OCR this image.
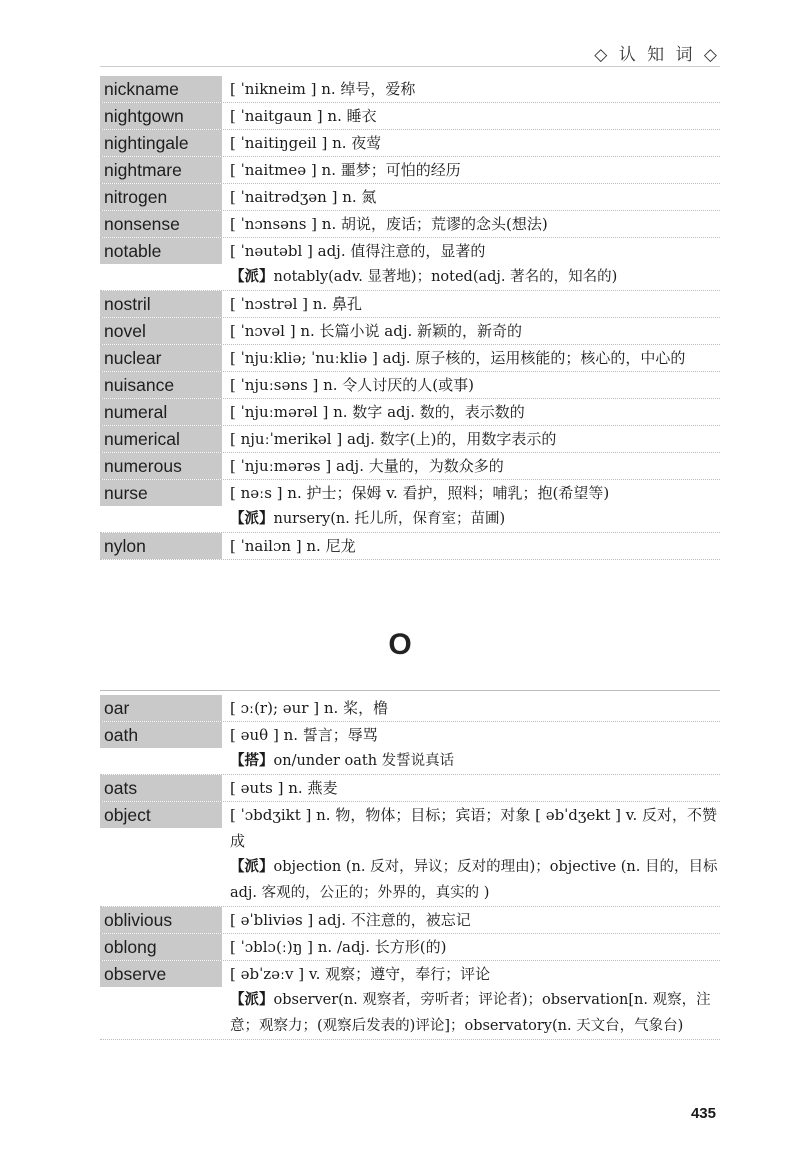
◇ 认 知 词 ◇
nickname	[ ˈnikneim ] n. 绰号，爱称
nightgown	[ ˈnaitgaun ] n. 睡衣
nightingale	[ ˈnaitiŋgeil ] n. 夜莺
nightmare	[ ˈnaitmeə ] n. 噩梦；可怕的经历
nitrogen	[ ˈnaitrədʒən ] n. 氮
nonsense	[ ˈnɔnsəns ] n. 胡说，废话；荒谬的念头(想法)
notable	[ ˈnəutəbl ] adj. 值得注意的，显著的
【派】notably(adv. 显著地)；noted(adj. 著名的，知名的)
nostril	[ ˈnɔstrəl ] n. 鼻孔
novel	[ ˈnɔvəl ] n. 长篇小说 adj. 新颖的，新奇的
nuclear	[ ˈnjuːkliə; ˈnuːkliə ] adj. 原子核的，运用核能的；核心的，中心的
nuisance	[ ˈnjuːsəns ] n. 令人讨厌的人(或事)
numeral	[ ˈnjuːmərəl ] n. 数字 adj. 数的，表示数的
numerical	[ njuːˈmerikəl ] adj. 数字(上)的，用数字表示的
numerous	[ ˈnjuːmərəs ] adj. 大量的，为数众多的
nurse	[ nəːs ] n. 护士；保姆 v. 看护，照料；哺乳；抱(希望等)
【派】nursery(n. 托儿所，保育室；苗圃)
nylon	[ ˈnailɔn ] n. 尼龙
O
oar	[ ɔː(r); əur ] n. 桨，橹
oath	[ əuθ ] n. 誓言；辱骂
【搭】on/under oath 发誓说真话
oats	[ əuts ] n. 燕麦
object	[ ˈɔbdʒikt ] n. 物，物体；目标；宾语；对象 [ əbˈdʒekt ] v. 反对，不赞成
【派】objection (n. 反对，异议；反对的理由)；objective (n. 目的，目标 adj. 客观的，公正的；外界的，真实的 )
oblivious	[ əˈbliviəs ] adj. 不注意的，被忘记
oblong	[ ˈɔblɔ(ː)ŋ ] n. /adj. 长方形(的)
observe	[ əbˈzəːv ] v. 观察；遵守，奉行；评论
【派】observer(n. 观察者，旁听者；评论者)；observation[n. 观察，注意；观察力；(观察后发表的)评论]；observatory(n. 天文台，气象台)
435
